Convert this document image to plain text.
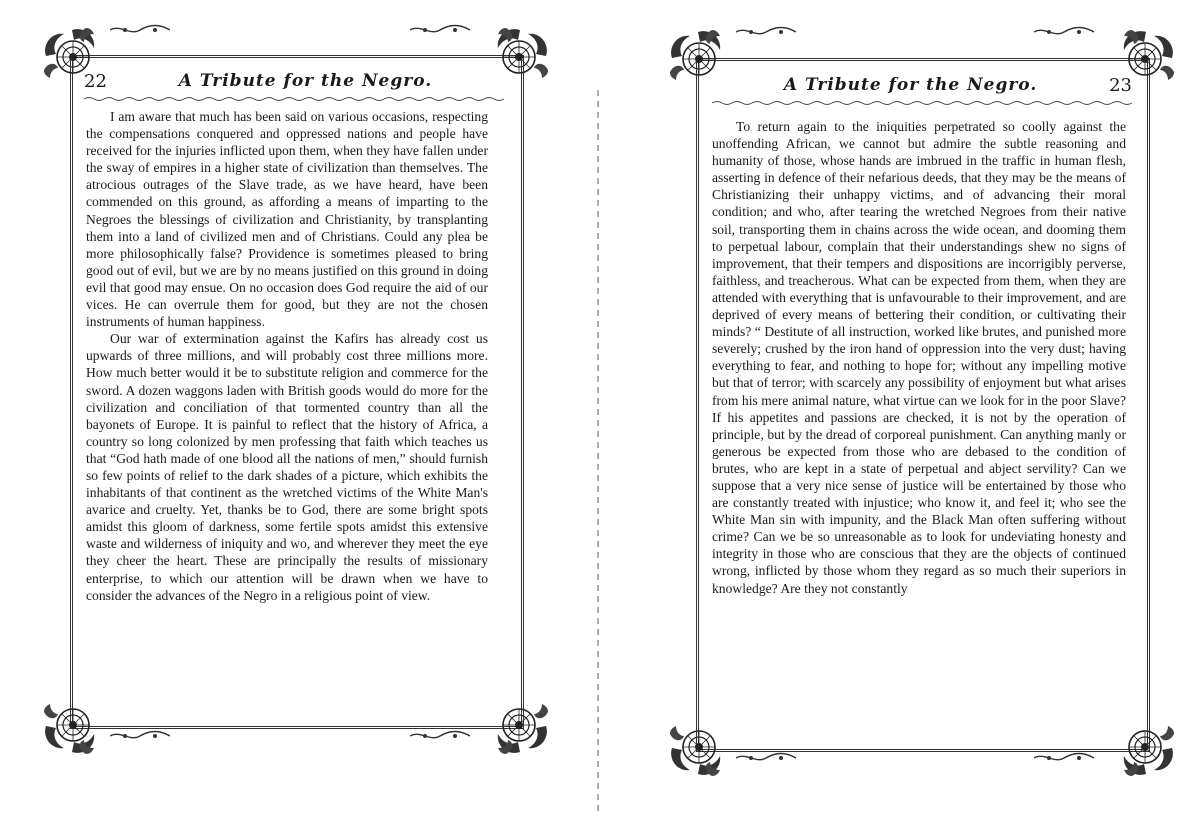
22	A Tribute for the Negro.

I am aware that much has been said on various occasions, respecting the compensations conquered and oppressed nations and people have received for the injuries inflicted upon them, when they have fallen under the sway of empires in a higher state of civilization than themselves. The atrocious outrages of the Slave trade, as we have heard, have been commended on this ground, as affording a means of imparting to the Negroes the blessings of civilization and Christianity, by transplanting them into a land of civilized men and of Christians. Could any plea be more philosophically false? Providence is sometimes pleased to bring good out of evil, but we are by no means justified on this ground in doing evil that good may ensue. On no occasion does God require the aid of our vices. He can overrule them for good, but they are not the chosen instruments of human happiness.

Our war of extermination against the Kafirs has already cost us upwards of three millions, and will probably cost three millions more. How much better would it be to substitute religion and commerce for the sword. A dozen waggons laden with British goods would do more for the civilization and conciliation of that tormented country than all the bayonets of Europe. It is painful to reflect that the history of Africa, a country so long colonized by men professing that faith which teaches us that “God hath made of one blood all the nations of men,” should furnish so few points of relief to the dark shades of a picture, which exhibits the inhabitants of that continent as the wretched victims of the White Man's avarice and cruelty. Yet, thanks be to God, there are some bright spots amidst this gloom of darkness, some fertile spots amidst this extensive waste and wilderness of iniquity and wo, and wherever they meet the eye they cheer the heart. These are principally the results of missionary enterprise, to which our attention will be drawn when we have to consider the advances of the Negro in a religious point of view.

A Tribute for the Negro.	23

To return again to the iniquities perpetrated so coolly against the unoffending African, we cannot but admire the subtle reasoning and humanity of those, whose hands are imbrued in the traffic in human flesh, asserting in defence of their nefarious deeds, that they may be the means of Christianizing their unhappy victims, and of advancing their moral condition; and who, after tearing the wretched Negroes from their native soil, transporting them in chains across the wide ocean, and dooming them to perpetual labour, complain that their understandings shew no signs of improvement, that their tempers and dispositions are incorrigibly perverse, faithless, and treacherous. What can be expected from them, when they are attended with everything that is unfavourable to their improvement, and are deprived of every means of bettering their condition, or cultivating their minds? “ Destitute of all instruction, worked like brutes, and punished more severely; crushed by the iron hand of oppression into the very dust; having everything to fear, and nothing to hope for; without any impelling motive but that of terror; with scarcely any possibility of enjoyment but what arises from his mere animal nature, what virtue can we look for in the poor Slave? If his appetites and passions are checked, it is not by the operation of principle, but by the dread of corporeal punishment. Can anything manly or generous be expected from those who are debased to the condition of brutes, who are kept in a state of perpetual and abject servility? Can we suppose that a very nice sense of justice will be entertained by those who are constantly treated with injustice; who know it, and feel it; who see the White Man sin with impunity, and the Black Man often suffering without crime? Can we be so unreasonable as to look for undeviating honesty and integrity in those who are conscious that they are the objects of continued wrong, inflicted by those whom they regard as so much their superiors in knowledge? Are they not constantly
